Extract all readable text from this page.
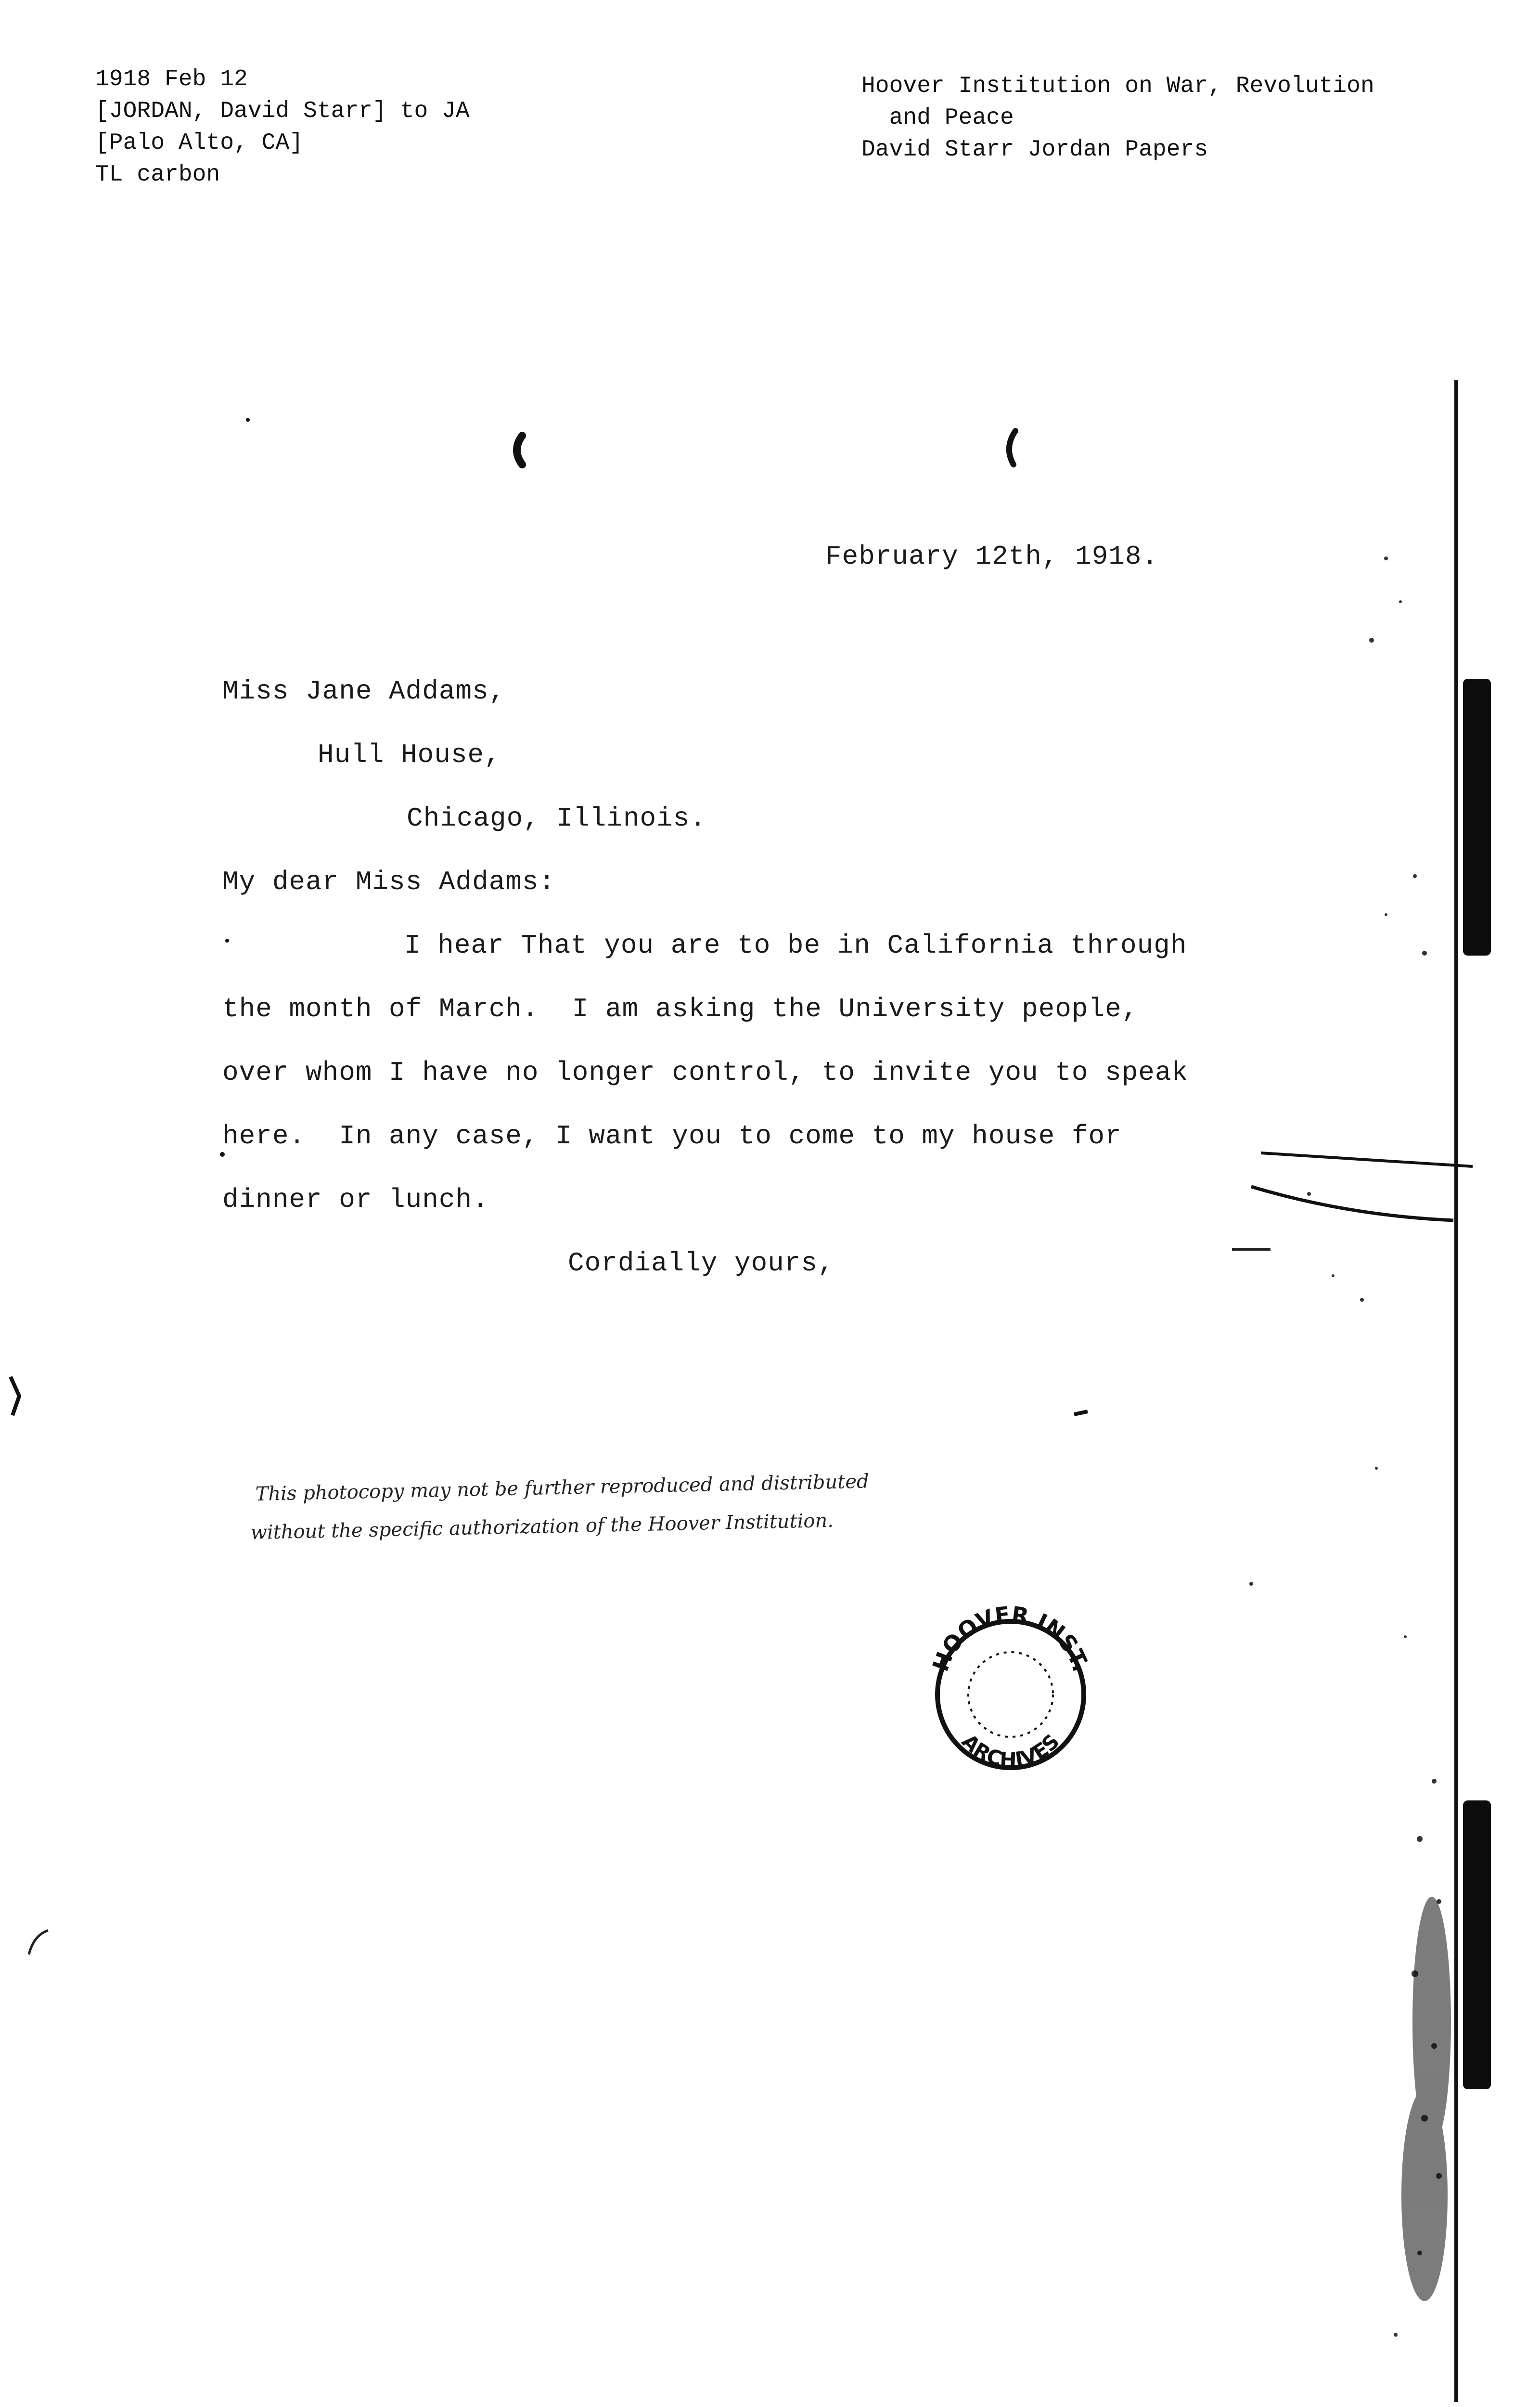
1918 Feb 12
[JORDAN, David Starr] to JA
[Palo Alto, CA]
TL carbon
Hoover Institution on War, Revolution
and Peace
David Starr Jordan Papers
February 12th, 1918.
Miss Jane Addams,
Hull House,
Chicago, Illinois.
My dear Miss Addams:
I hear That you are to be in California through
the month of March.  I am asking the University people,
over whom I have no longer control, to invite you to speak
here.  In any case, I want you to come to my house for
dinner or lunch.
Cordially yours,
This photocopy may not be further reproduced and distributed
without the specific authorization of the Hoover Institution.
HOOVER INST.
ARCHIVES
